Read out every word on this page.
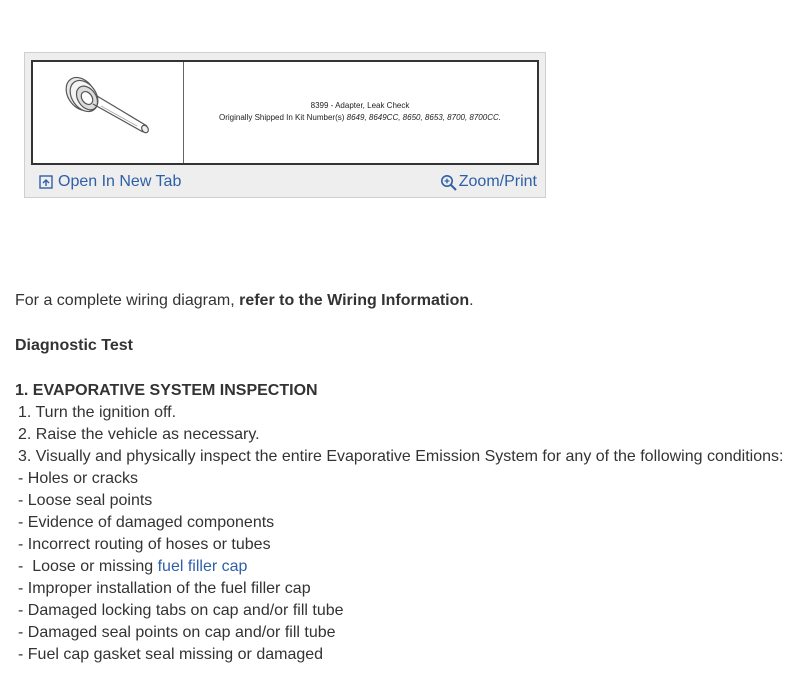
8399 - Adapter, Leak Check
Originally Shipped In Kit Number(s) 8649, 8649CC, 8650, 8653, 8700, 8700CC.
Open In New Tab	Zoom/Print

For a complete wiring diagram, refer to the Wiring Information.

Diagnostic Test

1. EVAPORATIVE SYSTEM INSPECTION

1. Turn the ignition off.

2. Raise the vehicle as necessary.

3. Visually and physically inspect the entire Evaporative Emission System for any of the following conditions:

- Holes or cracks

- Loose seal points

- Evidence of damaged components

- Incorrect routing of hoses or tubes

-  Loose or missing fuel filler cap

- Improper installation of the fuel filler cap

- Damaged locking tabs on cap and/or fill tube

- Damaged seal points on cap and/or fill tube

- Fuel cap gasket seal missing or damaged
